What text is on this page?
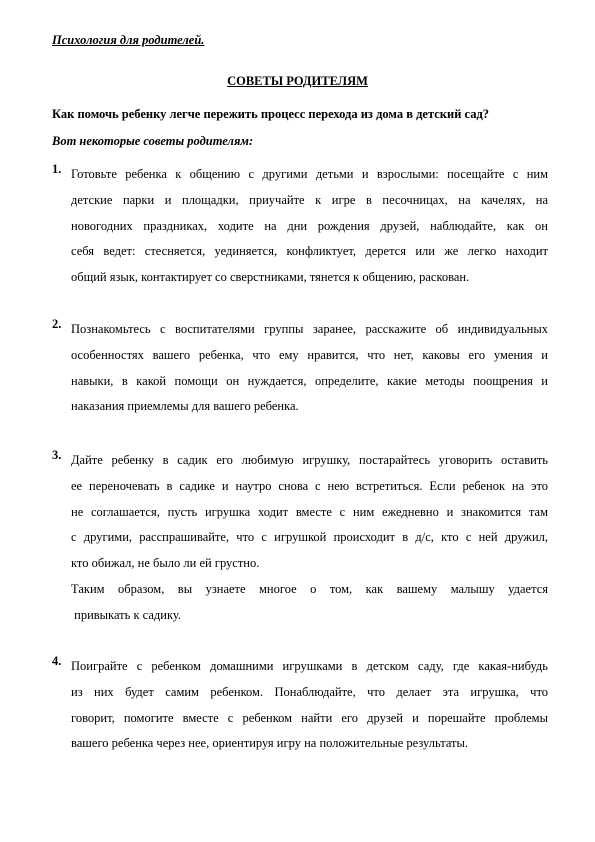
Психология для родителей.
СОВЕТЫ РОДИТЕЛЯМ
Как помочь ребенку легче пережить процесс перехода из дома в детский сад?
Вот некоторые советы родителям:
1. Готовьте ребенка к общению с другими детьми и взрослыми: посещайте с ним
детские парки и площадки, приучайте к игре в песочницах, на качелях, на
новогодних праздниках, ходите на дни рождения друзей, наблюдайте, как он
себя ведет: стесняется, уединяется, конфликтует, дерется или же легко находит
общий язык, контактирует со сверстниками, тянется к общению, раскован.
2. Познакомьтесь с воспитателями группы заранее, расскажите об индивидуальных
особенностях вашего ребенка, что ему нравится, что нет, каковы его умения и
навыки, в какой помощи он нуждается, определите, какие методы поощрения и
наказания приемлемы для вашего ребенка.
3. Дайте ребенку в садик его любимую игрушку, постарайтесь уговорить оставить
ее переночевать в садике и наутро снова с нею встретиться. Если ребенок на это
не соглашается, пусть игрушка ходит вместе с ним ежедневно и знакомится там
с другими, расспрашивайте, что с игрушкой происходит в д/с, кто с ней дружил,
кто обижал, не было ли ей грустно.
Таким образом, вы узнаете многое о том, как вашему малышу удается
привыкать к садику.
4. Поиграйте с ребенком домашними игрушками в детском саду, где какая-нибудь
из них будет самим ребенком. Понаблюдайте, что делает эта игрушка, что
говорит, помогите вместе с ребенком найти его друзей и порешайте проблемы
вашего ребенка через нее, ориентируя игру на положительные результаты.
